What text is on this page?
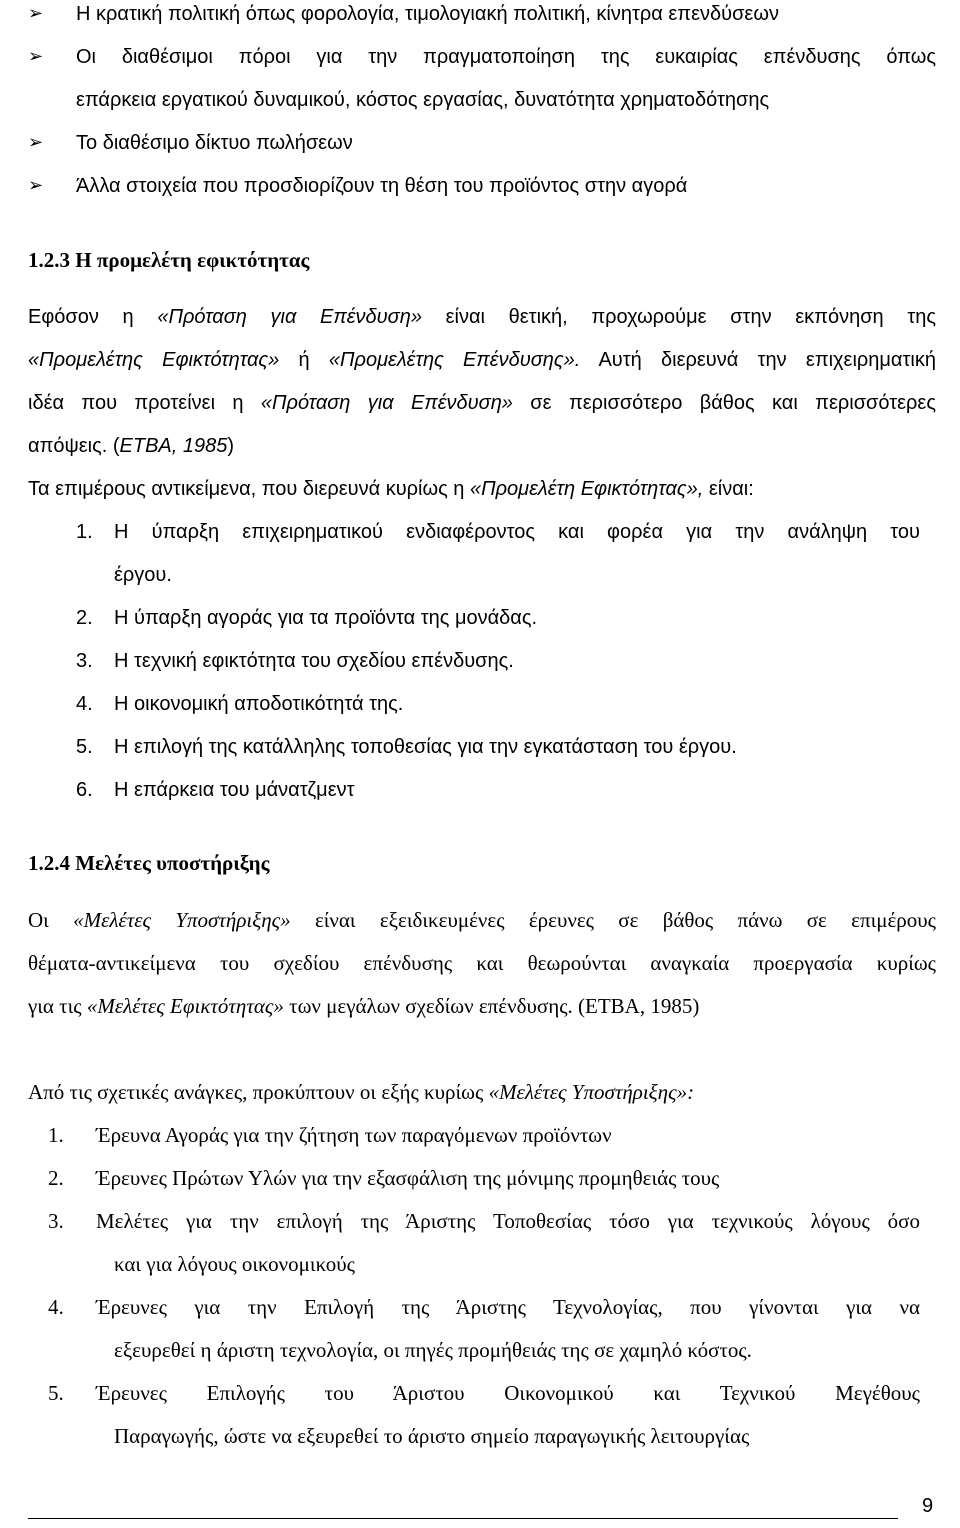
➢ Η κρατική πολιτική όπως φορολογία, τιμολογιακή πολιτική, κίνητρα επενδύσεων
➢ Οι διαθέσιμοι πόροι για την πραγματοποίηση της ευκαιρίας επένδυσης όπως
επάρκεια εργατικού δυναμικού, κόστος εργασίας, δυνατότητα χρηματοδότησης
➢ Το διαθέσιμο δίκτυο πωλήσεων
➢ Άλλα στοιχεία που προσδιορίζουν τη θέση του προϊόντος στην αγορά
1.2.3 Η προμελέτη εφικτότητας
Εφόσον η «Πρόταση για Επένδυση» είναι θετική, προχωρούμε στην εκπόνηση της
«Προμελέτης Εφικτότητας» ή «Προμελέτης Επένδυσης». Αυτή διερευνά την επιχειρηματική
ιδέα που προτείνει η «Πρόταση για Επένδυση» σε περισσότερο βάθος και περισσότερες
απόψεις. (ΕΤΒΑ, 1985)
Τα επιμέρους αντικείμενα, που διερευνά κυρίως η «Προμελέτη Εφικτότητας», είναι:
1. Η ύπαρξη επιχειρηματικού ενδιαφέροντος και φορέα για την ανάληψη του
έργου.
2. Η ύπαρξη αγοράς για τα προϊόντα της μονάδας.
3. Η τεχνική εφικτότητα του σχεδίου επένδυσης.
4. Η οικονομική αποδοτικότητά της.
5. Η επιλογή της κατάλληλης τοποθεσίας για την εγκατάσταση του έργου.
6. Η επάρκεια του μάνατζμεντ
1.2.4 Μελέτες υποστήριξης
Οι «Μελέτες Υποστήριξης» είναι εξειδικευμένες έρευνες σε βάθος πάνω σε επιμέρους
θέματα-αντικείμενα του σχεδίου επένδυσης και θεωρούνται αναγκαία προεργασία κυρίως
για τις «Μελέτες Εφικτότητας» των μεγάλων σχεδίων επένδυσης. (ΕΤΒΑ, 1985)
Από τις σχετικές ανάγκες, προκύπτουν οι εξής κυρίως «Μελέτες Υποστήριξης»:
1. Έρευνα Αγοράς για την ζήτηση των παραγόμενων προϊόντων
2. Έρευνες Πρώτων Υλών για την εξασφάλιση της μόνιμης προμηθειάς τους
3. Μελέτες για την επιλογή της Άριστης Τοποθεσίας τόσο για τεχνικούς λόγους όσο
και για λόγους οικονομικούς
4. Έρευνες για την Επιλογή της Άριστης Τεχνολογίας, που γίνονται για να
εξευρεθεί η άριστη τεχνολογία, οι πηγές προμήθειάς της σε χαμηλό κόστος.
5. Έρευνες Επιλογής του Άριστου Οικονομικού και Τεχνικού Μεγέθους
Παραγωγής, ώστε να εξευρεθεί το άριστο σημείο παραγωγικής λειτουργίας
9
